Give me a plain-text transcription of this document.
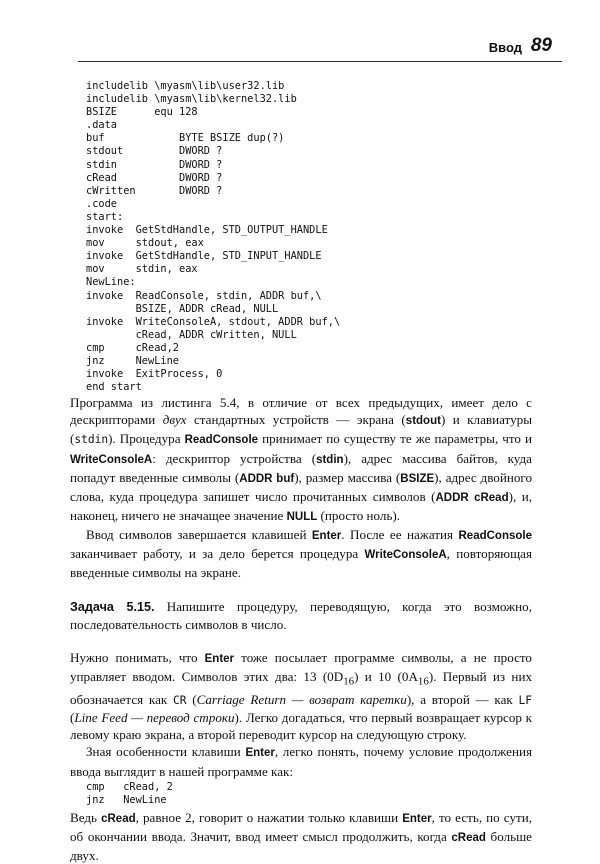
Ввод 89
includelib \myasm\lib\user32.lib
includelib \myasm\lib\kernel32.lib
BSIZE      equ 128
.data
buf            BYTE BSIZE dup(?)
stdout         DWORD ?
stdin          DWORD ?
cRead          DWORD ?
cWritten       DWORD ?
.code
start:
invoke  GetStdHandle, STD_OUTPUT_HANDLE
mov     stdout, eax
invoke  GetStdHandle, STD_INPUT_HANDLE
mov     stdin, eax
NewLine:
invoke  ReadConsole, stdin, ADDR buf,\
BSIZE, ADDR cRead, NULL
invoke  WriteConsoleA, stdout, ADDR buf,\
cRead, ADDR cWritten, NULL
cmp     cRead,2
jnz     NewLine
invoke  ExitProcess, 0
end start

Программа из листинга 5.4, в отличие от всех предыдущих, имеет дело с дескрипторами двух стандартных устройств — экрана (stdout) и клавиатуры (stdin). Процедура ReadConsole принимает по существу те же параметры, что и WriteConsoleA: дескриптор устройства (stdin), адрес массива байтов, куда попадут введенные символы (ADDR buf), размер массива (BSIZE), адрес двойного слова, куда процедура запишет число прочитанных символов (ADDR cRead), и, наконец, ничего не значащее значение NULL (просто ноль).

Ввод символов завершается клавишей Enter. После ее нажатия ReadConsole заканчивает работу, и за дело берется процедура WriteConsoleA, повторяющая введенные символы на экране.

Задача 5.15. Напишите процедуру, переводящую, когда это возможно, последовательность символов в число.

Нужно понимать, что Enter тоже посылает программе символы, а не просто управляет вводом. Символов этих два: 13 $(0D_{16})$ и 10 $(0A_{16})$. Первый из них обозначается как CR (Carriage Return — возврат каретки), а второй — как LF (Line Feed — перевод строки). Легко догадаться, что первый возвращает курсор к левому краю экрана, а второй переводит курсор на следующую строку.

Зная особенности клавиши Enter, легко понять, почему условие продолжения ввода выглядит в нашей программе как:

cmp   cRead, 2
jnz   NewLine

Ведь cRead, равное 2, говорит о нажатии только клавиши Enter, то есть, по сути, об окончании ввода. Значит, ввод имеет смысл продолжить, когда cRead больше двух.
